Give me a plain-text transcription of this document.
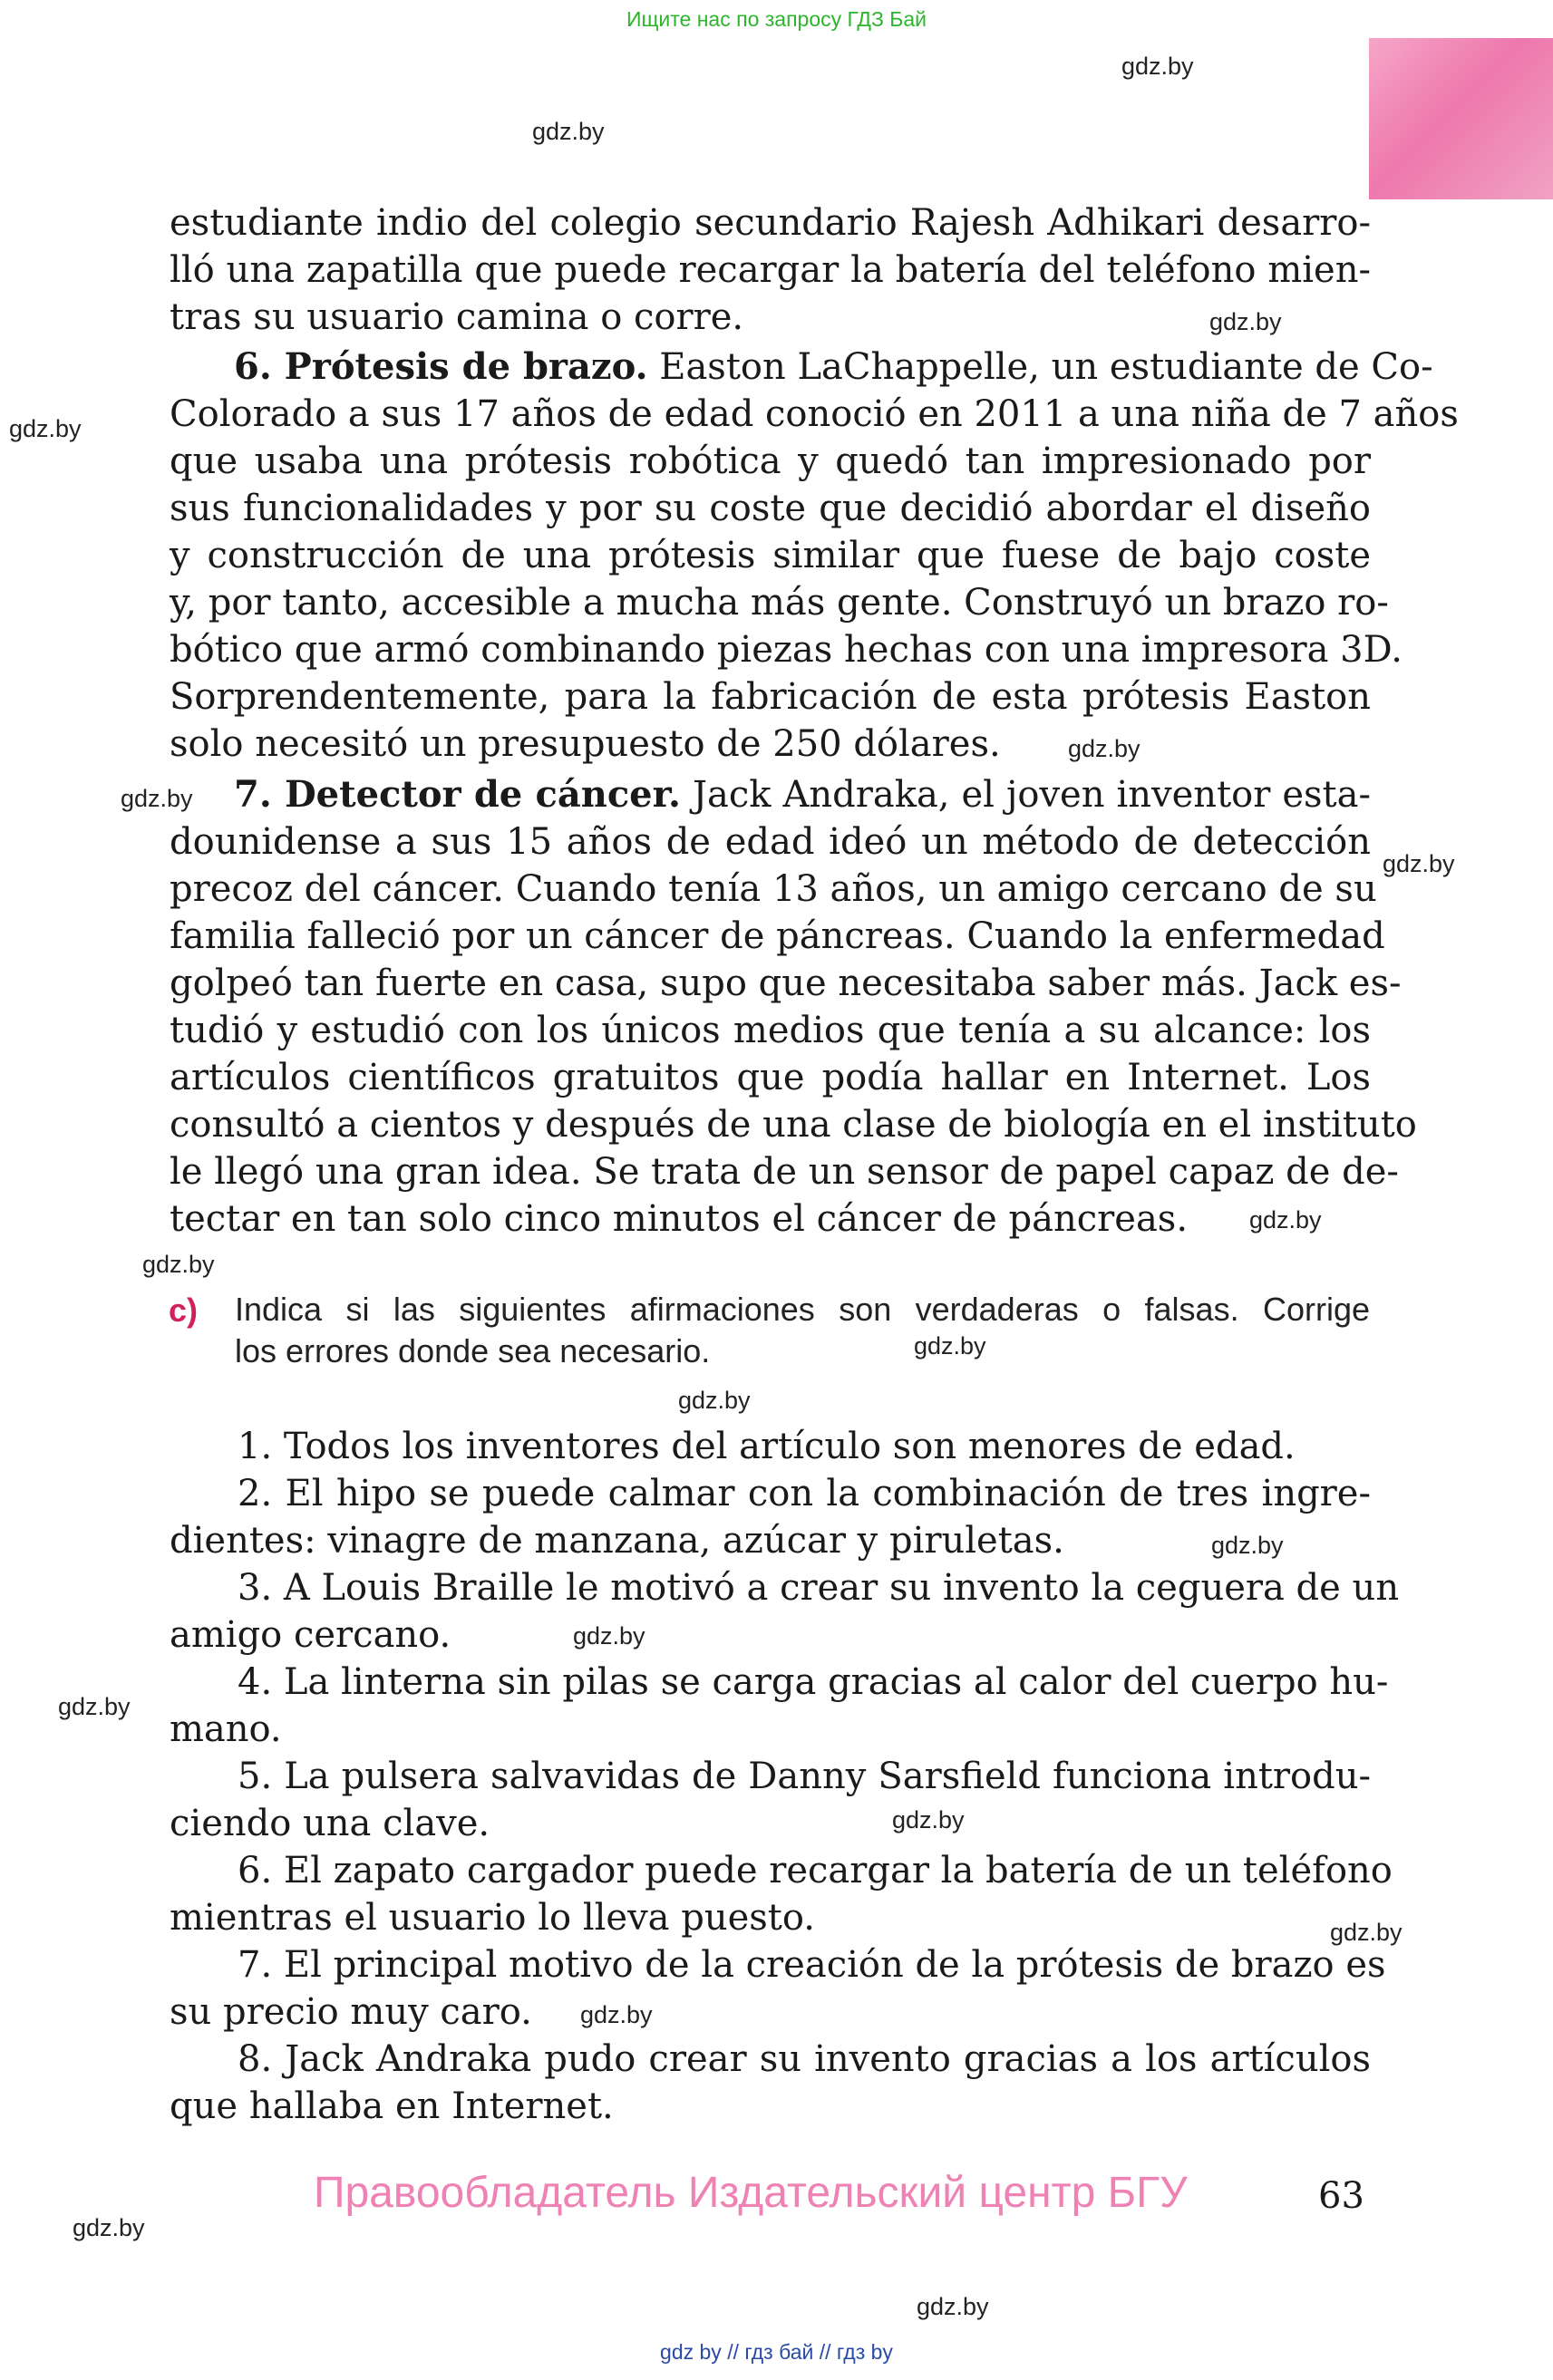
Ищите нас по запросу ГДЗ Бай
gdz.by
gdz.by
gdz.by
gdz.by
gdz.by
gdz.by
gdz.by
gdz.by
gdz.by
gdz.by
gdz.by
gdz.by
gdz.by
gdz.by
gdz.by
gdz.by
gdz.by
gdz.by
gdz.by
estudiante indio del colegio secundario Rajesh Adhikari desarro-
lló una zapatilla que puede recargar la batería del teléfono mien-
tras su usuario camina o corre.
6. Prótesis de brazo. Easton LaChappelle, un estudiante de Co-
Colorado a sus 17 años de edad conoció en 2011 a una niña de 7 años
que usaba una prótesis robótica y quedó tan impresionado por
sus funcionalidades y por su coste que decidió abordar el diseño
y construcción de una prótesis similar que fuese de bajo coste
y, por tanto, accesible a mucha más gente. Construyó un brazo ro-
bótico que armó combinando piezas hechas con una impresora 3D.
Sorprendentemente, para la fabricación de esta prótesis Easton
solo necesitó un presupuesto de 250 dólares.
7. Detector de cáncer. Jack Andraka, el joven inventor esta-
dounidense a sus 15 años de edad ideó un método de detección
precoz del cáncer. Cuando tenía 13 años, un amigo cercano de su
familia falleció por un cáncer de páncreas. Cuando la enfermedad
golpeó tan fuerte en casa, supo que necesitaba saber más. Jack es-
tudió y estudió con los únicos medios que tenía a su alcance: los
artículos científicos gratuitos que podía hallar en Internet. Los
consultó a cientos y después de una clase de biología en el instituto
le llegó una gran idea. Se trata de un sensor de papel capaz de de-
tectar en tan solo cinco minutos el cáncer de páncreas.
c) Indica si las siguientes afirmaciones son verdaderas o falsas. Corrige
los errores donde sea necesario.
1. Todos los inventores del artículo son menores de edad.
2. El hipo se puede calmar con la combinación de tres ingre-
dientes: vinagre de manzana, azúcar y piruletas.
3. A Louis Braille le motivó a crear su invento la ceguera de un
amigo cercano.
4. La linterna sin pilas se carga gracias al calor del cuerpo hu-
mano.
5. La pulsera salvavidas de Danny Sarsfield funciona introdu-
ciendo una clave.
6. El zapato cargador puede recargar la batería de un teléfono
mientras el usuario lo lleva puesto.
7. El principal motivo de la creación de la prótesis de brazo es
su precio muy caro.
8. Jack Andraka pudo crear su invento gracias a los artículos
que hallaba en Internet.
Правообладатель Издательский центр БГУ	63
gdz by // гдз бай // гдз by
